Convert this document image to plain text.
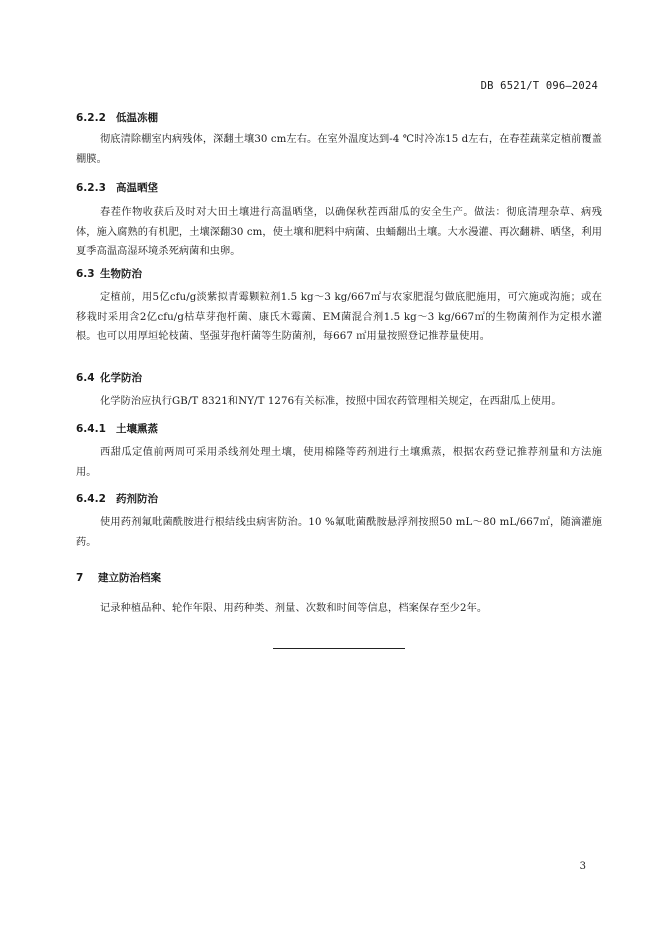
DB 6521/T 096—2024
6.2.2 低温冻棚
彻底清除棚室内病残体，深翻土壤30 cm左右。在室外温度达到-4 ℃时冷冻15 d左右，在春茬蔬菜定植前覆盖棚膜。
6.2.3 高温晒垡
春茬作物收获后及时对大田土壤进行高温晒垡，以确保秋茬西甜瓜的安全生产。做法：彻底清理杂草、病残体，施入腐熟的有机肥，土壤深翻30 cm，使土壤和肥料中病菌、虫蛹翻出土壤。大水漫灌、再次翻耕、晒垡，利用夏季高温高湿环境杀死病菌和虫卵。
6.3 生物防治
定植前，用5亿cfu/g淡紫拟青霉颗粒剂1.5 kg～3 kg/667㎡与农家肥混匀做底肥施用，可穴施或沟施；或在移栽时采用含2亿cfu/g枯草芽孢杆菌、康氏木霉菌、EM菌混合剂1.5 kg～3 kg/667㎡的生物菌剂作为定根水灌根。也可以用厚垣轮枝菌、坚强芽孢杆菌等生防菌剂，每667 ㎡用量按照登记推荐量使用。
6.4 化学防治
化学防治应执行GB/T 8321和NY/T 1276有关标准，按照中国农药管理相关规定，在西甜瓜上使用。
6.4.1 土壤熏蒸
西甜瓜定值前两周可采用杀线剂处理土壤，使用棉隆等药剂进行土壤熏蒸，根据农药登记推荐剂量和方法施用。
6.4.2 药剂防治
使用药剂氟吡菌酰胺进行根结线虫病害防治。10 %氟吡菌酰胺悬浮剂按照50 mL～80 mL/667㎡，随滴灌施药。
7 建立防治档案
记录种植品种、轮作年限、用药种类、剂量、次数和时间等信息，档案保存至少2年。
3
